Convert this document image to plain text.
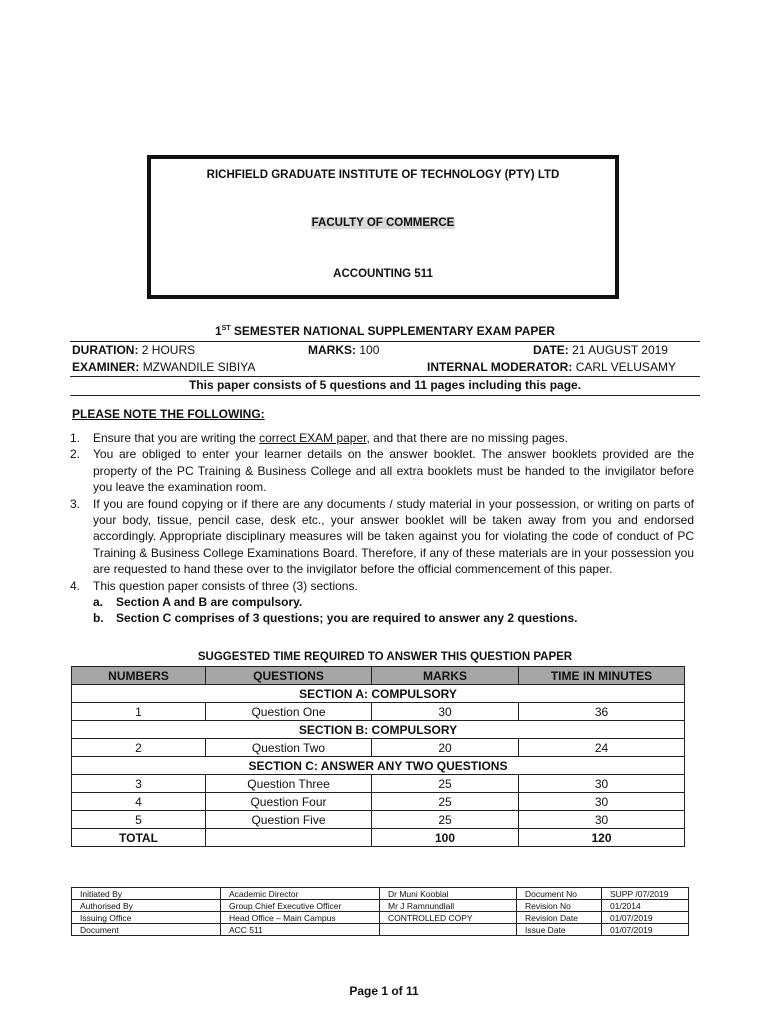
RICHFIELD GRADUATE INSTITUTE OF TECHNOLOGY (PTY) LTD
FACULTY OF COMMERCE
ACCOUNTING 511
1ST SEMESTER NATIONAL SUPPLEMENTARY EXAM PAPER
DURATION: 2 HOURS	MARKS: 100	DATE: 21 AUGUST 2019
EXAMINER: MZWANDILE SIBIYA	INTERNAL MODERATOR: CARL VELUSAMY
This paper consists of 5 questions and 11 pages including this page.
PLEASE NOTE THE FOLLOWING:
1. Ensure that you are writing the correct EXAM paper, and that there are no missing pages.
2. You are obliged to enter your learner details on the answer booklet. The answer booklets provided are the property of the PC Training & Business College and all extra booklets must be handed to the invigilator before you leave the examination room.
3. If you are found copying or if there are any documents / study material in your possession, or writing on parts of your body, tissue, pencil case, desk etc., your answer booklet will be taken away from you and endorsed accordingly. Appropriate disciplinary measures will be taken against you for violating the code of conduct of PC Training & Business College Examinations Board. Therefore, if any of these materials are in your possession you are requested to hand these over to the invigilator before the official commencement of this paper.
4. This question paper consists of three (3) sections.
a. Section A and B are compulsory.
b. Section C comprises of 3 questions; you are required to answer any 2 questions.
SUGGESTED TIME REQUIRED TO ANSWER THIS QUESTION PAPER
NUMBERS	QUESTIONS	MARKS	TIME IN MINUTES
SECTION A: COMPULSORY			
1	Question One	30	36
SECTION B: COMPULSORY			
2	Question Two	20	24
SECTION C: ANSWER ANY TWO QUESTIONS			
3	Question Three	25	30
4	Question Four	25	30
5	Question Five	25	30
TOTAL		100	120
Initiated By	Academic Director	Dr Muni Kooblal	Document No	SUPP /07/2019
Authorised By	Group Chief Executive Officer	Mr J Ramnundlall	Revision No	01/2014
Issuing Office	Head Office – Main Campus	CONTROLLED COPY	Revision Date	01/07/2019
Document	ACC 511		Issue Date	01/07/2019
Page 1 of 11
